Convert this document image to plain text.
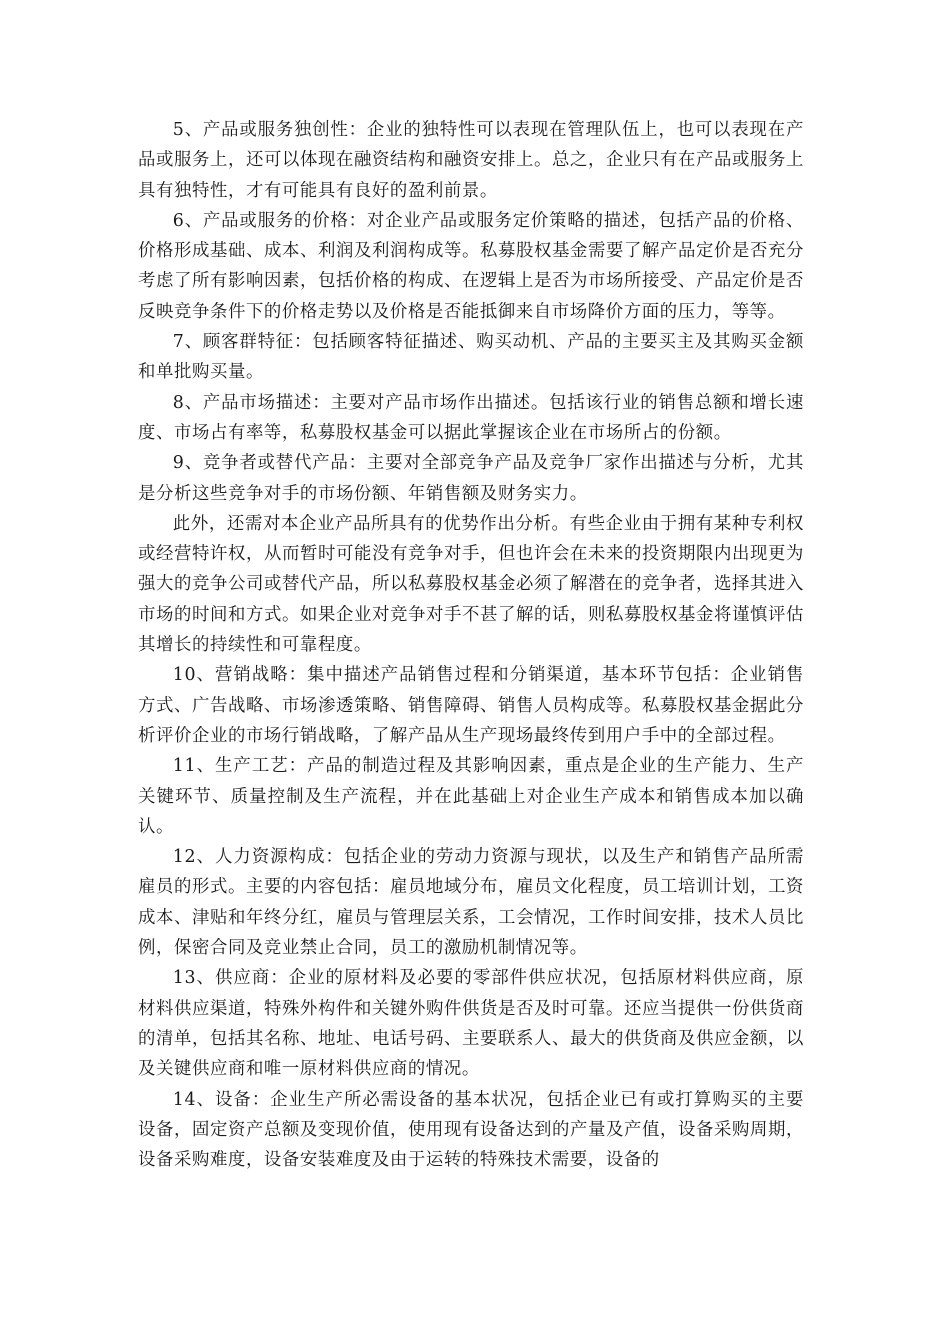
5、产品或服务独创性：企业的独特性可以表现在管理队伍上，也可以表现在产品或服务上，还可以体现在融资结构和融资安排上。总之，企业只有在产品或服务上具有独特性，才有可能具有良好的盈利前景。

6、产品或服务的价格：对企业产品或服务定价策略的描述，包括产品的价格、价格形成基础、成本、利润及利润构成等。私募股权基金需要了解产品定价是否充分考虑了所有影响因素，包括价格的构成、在逻辑上是否为市场所接受、产品定价是否反映竞争条件下的价格走势以及价格是否能抵御来自市场降价方面的压力，等等。

7、顾客群特征：包括顾客特征描述、购买动机、产品的主要买主及其购买金额和单批购买量。

8、产品市场描述：主要对产品市场作出描述。包括该行业的销售总额和增长速度、市场占有率等，私募股权基金可以据此掌握该企业在市场所占的份额。

9、竞争者或替代产品：主要对全部竞争产品及竞争厂家作出描述与分析，尤其是分析这些竞争对手的市场份额、年销售额及财务实力。

此外，还需对本企业产品所具有的优势作出分析。有些企业由于拥有某种专利权或经营特许权，从而暂时可能没有竞争对手，但也许会在未来的投资期限内出现更为强大的竞争公司或替代产品，所以私募股权基金必须了解潜在的竞争者，选择其进入市场的时间和方式。如果企业对竞争对手不甚了解的话，则私募股权基金将谨慎评估其增长的持续性和可靠程度。

10、营销战略：集中描述产品销售过程和分销渠道，基本环节包括：企业销售方式、广告战略、市场渗透策略、销售障碍、销售人员构成等。私募股权基金据此分析评价企业的市场行销战略，了解产品从生产现场最终传到用户手中的全部过程。

11、生产工艺：产品的制造过程及其影响因素，重点是企业的生产能力、生产关键环节、质量控制及生产流程，并在此基础上对企业生产成本和销售成本加以确认。

12、人力资源构成：包括企业的劳动力资源与现状，以及生产和销售产品所需雇员的形式。主要的内容包括：雇员地域分布，雇员文化程度，员工培训计划，工资成本、津贴和年终分红，雇员与管理层关系，工会情况，工作时间安排，技术人员比例，保密合同及竞业禁止合同，员工的激励机制情况等。

13、供应商：企业的原材料及必要的零部件供应状况，包括原材料供应商，原材料供应渠道，特殊外构件和关键外购件供货是否及时可靠。还应当提供一份供货商的清单，包括其名称、地址、电话号码、主要联系人、最大的供货商及供应金额，以及关键供应商和唯一原材料供应商的情况。

14、设备：企业生产所必需设备的基本状况，包括企业已有或打算购买的主要设备，固定资产总额及变现价值，使用现有设备达到的产量及产值，设备采购周期，设备采购难度，设备安装难度及由于运转的特殊技术需要，设备的
